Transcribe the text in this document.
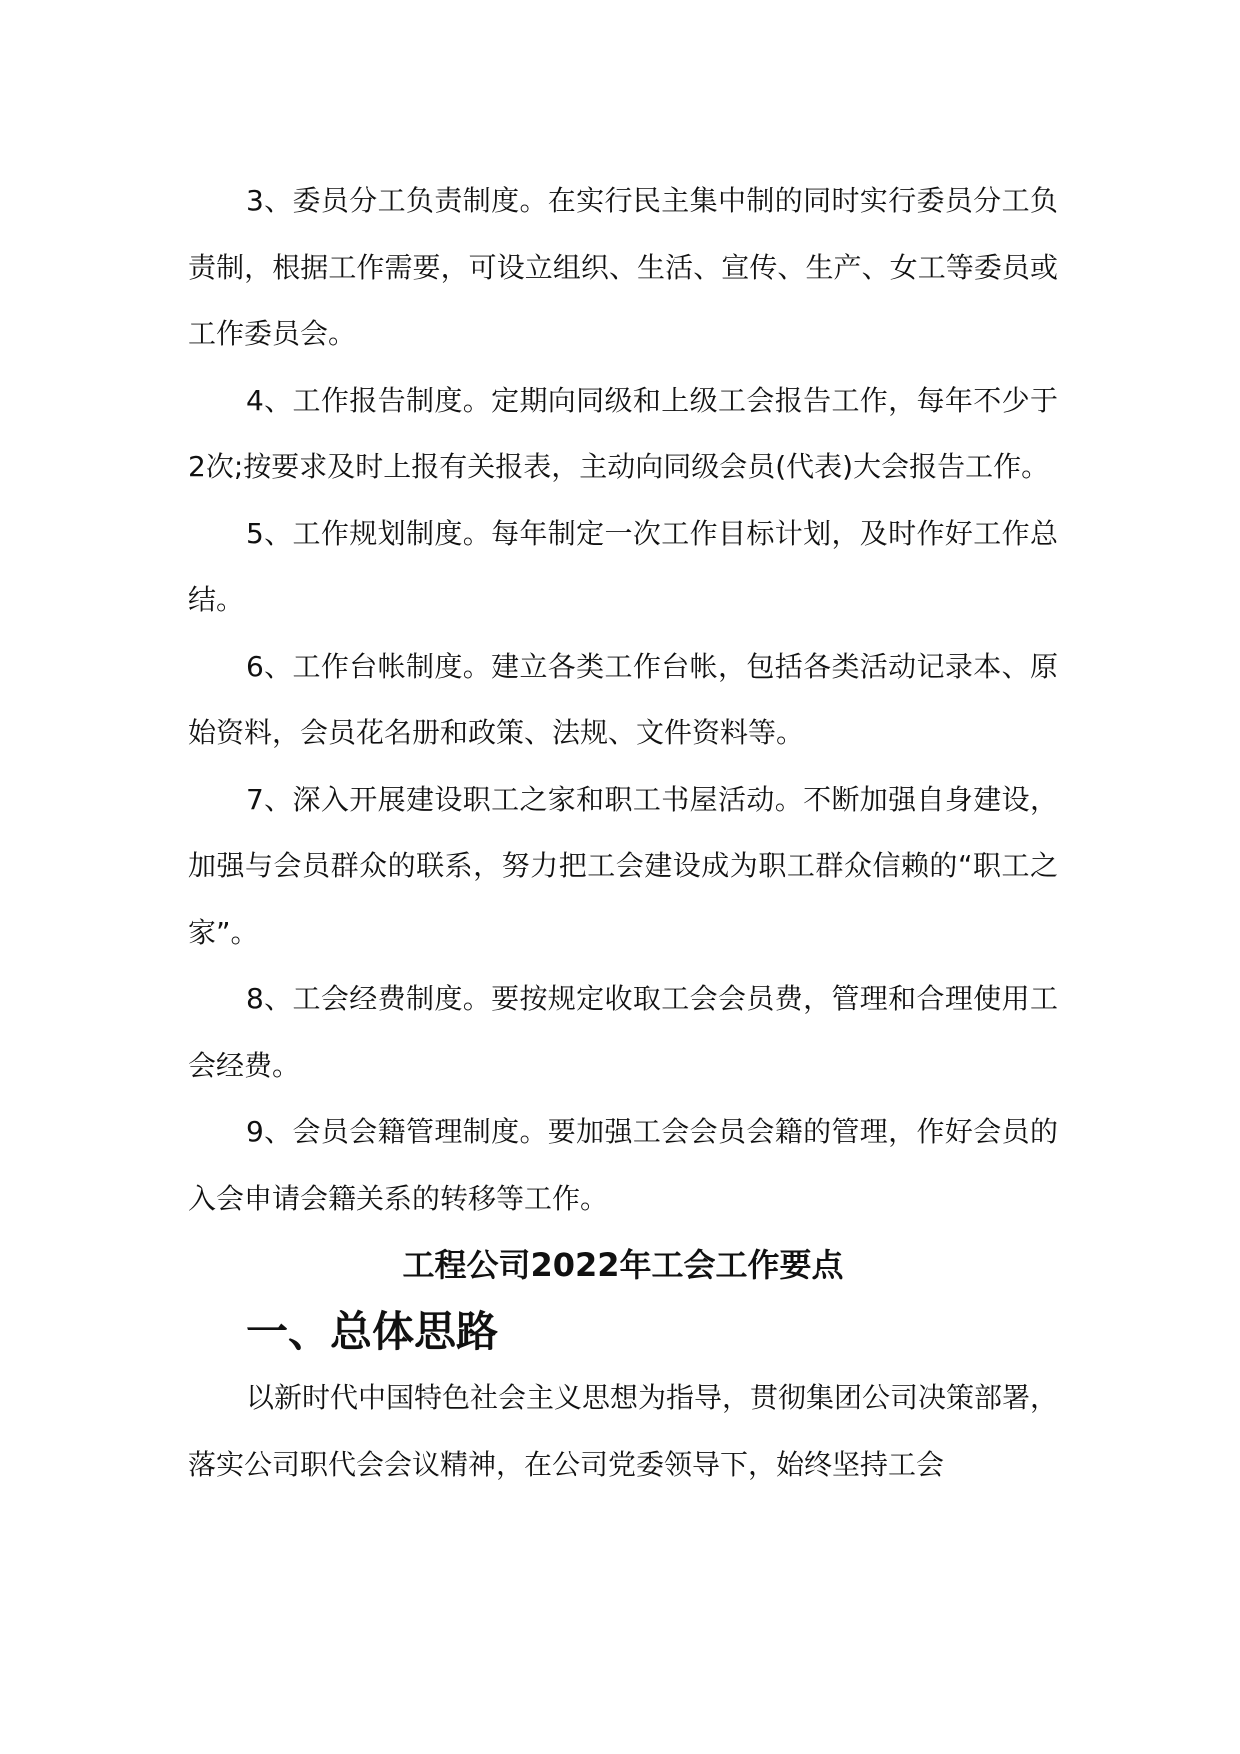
3、委员分工负责制度。在实行民主集中制的同时实行委员分工负责制，根据工作需要，可设立组织、生活、宣传、生产、女工等委员或工作委员会。

4、工作报告制度。定期向同级和上级工会报告工作，每年不少于2次;按要求及时上报有关报表，主动向同级会员(代表)大会报告工作。

5、工作规划制度。每年制定一次工作目标计划，及时作好工作总结。

6、工作台帐制度。建立各类工作台帐，包括各类活动记录本、原始资料，会员花名册和政策、法规、文件资料等。

7、深入开展建设职工之家和职工书屋活动。不断加强自身建设，加强与会员群众的联系，努力把工会建设成为职工群众信赖的“职工之家”。

8、工会经费制度。要按规定收取工会会员费，管理和合理使用工会经费。

9、会员会籍管理制度。要加强工会会员会籍的管理，作好会员的入会申请会籍关系的转移等工作。

工程公司2022年工会工作要点
一、总体思路

以新时代中国特色社会主义思想为指导，贯彻集团公司决策部署，落实公司职代会会议精神，在公司党委领导下，始终坚持工会
